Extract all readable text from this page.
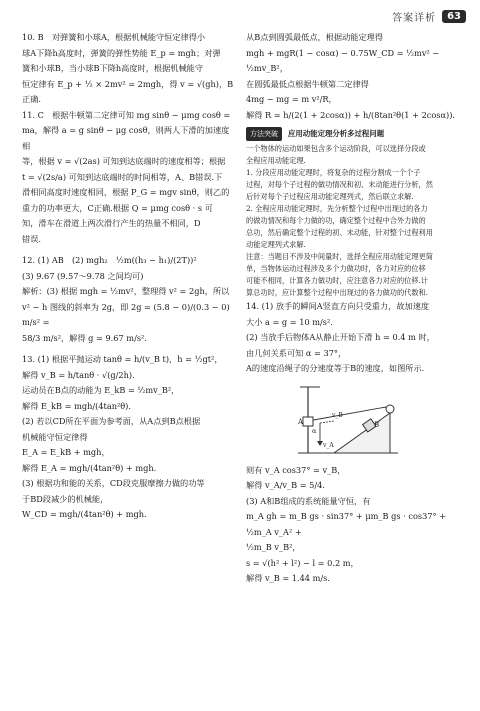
答案详析	63
10. B　对弹簧和小球A，根据机械能守恒定律得小
球A下降h高度时，弹簧的弹性势能 E_p = mgh；对弹
簧和小球B，当小球B下降h高度时，根据机械能守
恒定律有 E_p + ½ × 2mv² = 2mgh，得 v = √(gh)，B
正确.
11. C　根据牛顿第二定律可知 mg sinθ − μmg cosθ =
ma，解得 a = g sinθ − μg cosθ，则两人下滑的加速度相
等，根据 v = √(2as) 可知到达底端时的速度相等；根据
t = √(2s/a) 可知到达底端时的时间相等，A、B错误.下
滑相同高度时速度相同，根据 P_G = mgv sinθ，则乙的
重力的功率更大，C正确.根据 Q = μmg cosθ · s 可
知，滑车在滑道上两次滑行产生的热量不相同，D
错误.
12. (1) AB　(2) mgh₂　½m((h₃ − h₁)/(2T))²
(3) 9.67 (9.57～9.78 之间均可)
解析：(3) 根据 mgh = ½mv²，整理得 v² = 2gh，所以
v² − h 图线的斜率为 2g，即 2g = (5.8 − 0)/(0.3 − 0) m/s² =
58/3 m/s²，解得 g = 9.67 m/s².
13. (1) 根据平抛运动 tanθ = h/(v_B t)，h = ½gt²，
解得 v_B = h/tanθ · √(g/2h).
运动员在B点的动能为 E_kB = ½mv_B²，
解得 E_kB = mgh/(4tan²θ).
(2) 若以CD所在平面为参考面，从A点到B点根据
机械能守恒定律得
E_A = E_kB + mgh，
解得 E_A = mgh/(4tan²θ) + mgh.
(3) 根据功和能的关系，CD段克服摩擦力做的功等
于BD段减少的机械能，
W_CD = mgh/(4tan²θ) + mgh.
从B点到圆弧最低点，根据动能定理得
mgh + mgR(1 − cosα) − 0.75W_CD = ½mv² − ½mv_B²，
在圆弧最低点根据牛顿第二定律得
4mg − mg = m v²/R，
解得 R = h/(2(1 + 2cosα)) + h/(8tan²θ(1 + 2cosα)).
方法突破	应用动能定理分析多过程问题
一个物体的运动如果包含多个运动阶段，可以选择分段或
全程应用动能定理.
1. 分段应用动能定理时，将复杂的过程分割成一个个子
过程，对每个子过程的做功情况和初、末动能进行分析，然
后针对每个子过程应用动能定理列式，然后联立求解.
2. 全程应用动能定理时，先分析整个过程中出现过的各力
的做功情况和每个力做的功，确定整个过程中合外力做的
总功，然后确定整个过程的初、末动能，针对整个过程利用
动能定理列式求解.
注意：当题目不涉及中间量时，选择全程应用动能定理更简
单，当物体运动过程涉及多个力做功时，各力对应的位移
可能不相同，计算各力做功时，应注意各力对应的位移.计
算总功时，应计算整个过程中出现过的各力做功的代数和.
14. (1) 放手的瞬间A竖直方向只受重力，故加速度
大小 a = g = 10 m/s².
(2) 当放手后物体A从静止开始下滑 h = 0.4 m 时，
由几何关系可知 α = 37°，
A的速度沿绳子的分速度等于B的速度，如图所示.
A	B
α
v_A
v_B
则有 v_A cos37° = v_B，
解得 v_A/v_B = 5/4.
(3) A和B组成的系统能量守恒，有
m_A gh = m_B gs · sin37° + μm_B gs · cos37° + ½m_A v_A² +
½m_B v_B²，
s = √(h² + l²) − l = 0.2 m，
解得 v_B = 1.44 m/s.
